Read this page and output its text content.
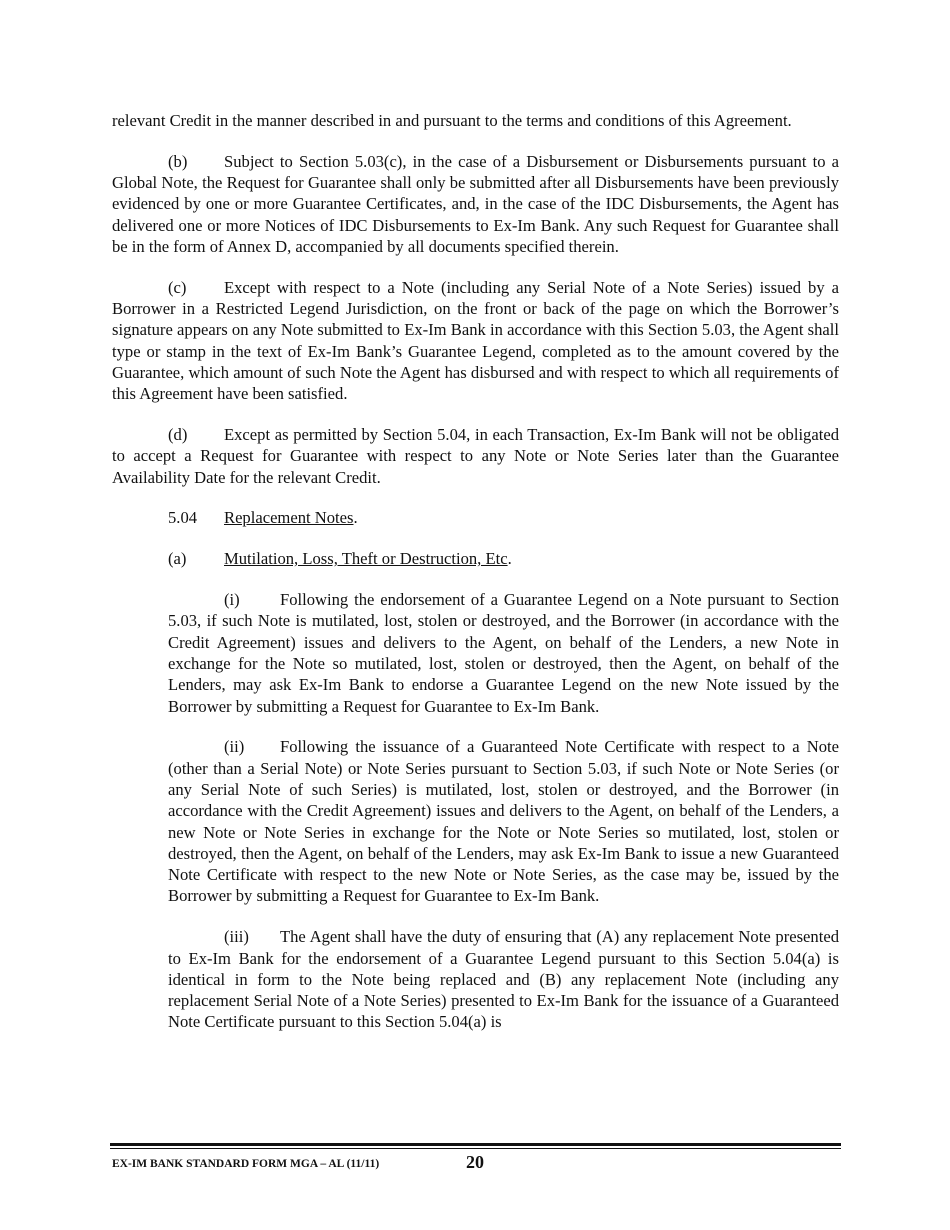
relevant Credit in the manner described in and pursuant to the terms and conditions of this Agreement.

(b) Subject to Section 5.03(c), in the case of a Disbursement or Disbursements pursuant to a Global Note, the Request for Guarantee shall only be submitted after all Disbursements have been previously evidenced by one or more Guarantee Certificates, and, in the case of the IDC Disbursements, the Agent has delivered one or more Notices of IDC Disbursements to Ex-Im Bank. Any such Request for Guarantee shall be in the form of Annex D, accompanied by all documents specified therein.

(c) Except with respect to a Note (including any Serial Note of a Note Series) issued by a Borrower in a Restricted Legend Jurisdiction, on the front or back of the page on which the Borrower’s signature appears on any Note submitted to Ex-Im Bank in accordance with this Section 5.03, the Agent shall type or stamp in the text of Ex-Im Bank’s Guarantee Legend, completed as to the amount covered by the Guarantee, which amount of such Note the Agent has disbursed and with respect to which all requirements of this Agreement have been satisfied.

(d) Except as permitted by Section 5.04, in each Transaction, Ex-Im Bank will not be obligated to accept a Request for Guarantee with respect to any Note or Note Series later than the Guarantee Availability Date for the relevant Credit.

5.04 Replacement Notes.

(a) Mutilation, Loss, Theft or Destruction, Etc.

(i) Following the endorsement of a Guarantee Legend on a Note pursuant to Section 5.03, if such Note is mutilated, lost, stolen or destroyed, and the Borrower (in accordance with the Credit Agreement) issues and delivers to the Agent, on behalf of the Lenders, a new Note in exchange for the Note so mutilated, lost, stolen or destroyed, then the Agent, on behalf of the Lenders, may ask Ex-Im Bank to endorse a Guarantee Legend on the new Note issued by the Borrower by submitting a Request for Guarantee to Ex-Im Bank.

(ii) Following the issuance of a Guaranteed Note Certificate with respect to a Note (other than a Serial Note) or Note Series pursuant to Section 5.03, if such Note or Note Series (or any Serial Note of such Series) is mutilated, lost, stolen or destroyed, and the Borrower (in accordance with the Credit Agreement) issues and delivers to the Agent, on behalf of the Lenders, a new Note or Note Series in exchange for the Note or Note Series so mutilated, lost, stolen or destroyed, then the Agent, on behalf of the Lenders, may ask Ex-Im Bank to issue a new Guaranteed Note Certificate with respect to the new Note or Note Series, as the case may be, issued by the Borrower by submitting a Request for Guarantee to Ex-Im Bank.

(iii) The Agent shall have the duty of ensuring that (A) any replacement Note presented to Ex-Im Bank for the endorsement of a Guarantee Legend pursuant to this Section 5.04(a) is identical in form to the Note being replaced and (B) any replacement Note (including any replacement Serial Note of a Note Series) presented to Ex-Im Bank for the issuance of a Guaranteed Note Certificate pursuant to this Section 5.04(a) is

EX-IM BANK STANDARD FORM MGA – AL (11/11)	20
